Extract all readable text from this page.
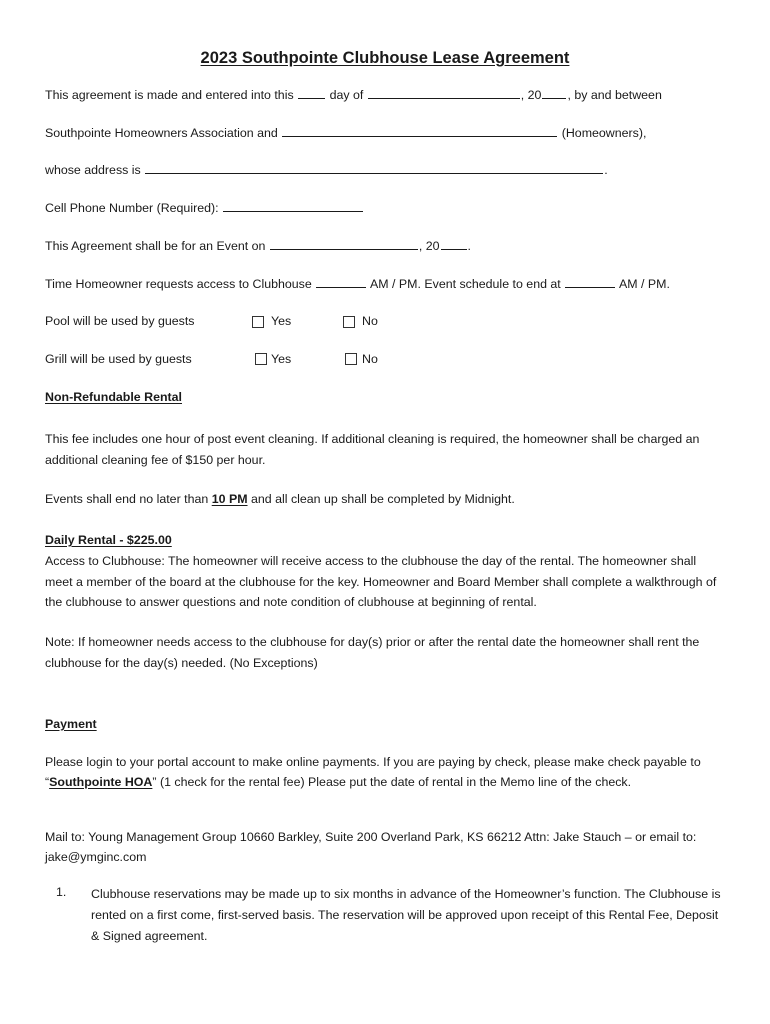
2023 Southpointe Clubhouse Lease Agreement
This agreement is made and entered into this	day of	, 20 , by and between
Southpointe Homeowners Association and	(Homeowners),
whose address is	.
Cell Phone Number (Required):
This Agreement shall be for an Event on	, 20 .
Time Homeowner requests access to Clubhouse	AM / PM. Event schedule to end at	AM / PM.
Pool will be used by guests	Yes	No
Grill will be used by guests	Yes	No
Non-Refundable Rental
This fee includes one hour of post event cleaning. If additional cleaning is required, the homeowner shall be charged an additional cleaning fee of $150 per hour.
Events shall end no later than 10 PM and all clean up shall be completed by Midnight.
Daily Rental - $225.00
Access to Clubhouse: The homeowner will receive access to the clubhouse the day of the rental. The homeowner shall meet a member of the board at the clubhouse for the key. Homeowner and Board Member shall complete a walkthrough of the clubhouse to answer questions and note condition of clubhouse at beginning of rental.
Note: If homeowner needs access to the clubhouse for day(s) prior or after the rental date the homeowner shall rent the clubhouse for the day(s) needed. (No Exceptions)
Payment
Please login to your portal account to make online payments. If you are paying by check, please make check payable to “Southpointe HOA” (1 check for the rental fee) Please put the date of rental in the Memo line of the check.
Mail to: Young Management Group 10660 Barkley, Suite 200 Overland Park, KS 66212 Attn: Jake Stauch – or email to: jake@ymginc.com
1. Clubhouse reservations may be made up to six months in advance of the Homeowner’s function. The Clubhouse is rented on a first come, first-served basis. The reservation will be approved upon receipt of this Rental Fee, Deposit & Signed agreement.
